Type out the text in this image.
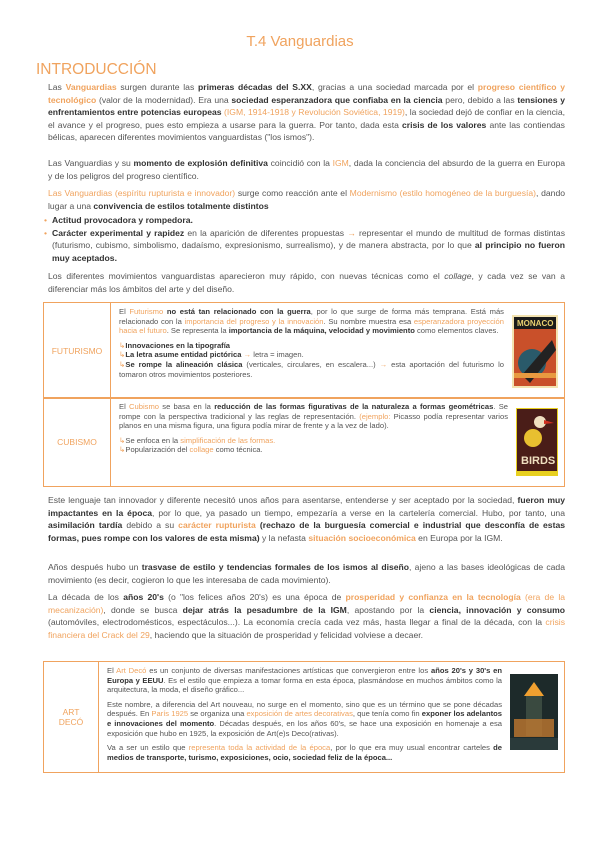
T.4 Vanguardias
INTRODUCCIÓN
Las Vanguardias surgen durante las primeras décadas del S.XX, gracias a una sociedad marcada por el progreso científico y tecnológico (valor de la modernidad). Era una sociedad esperanzadora que confiaba en la ciencia pero, debido a las tensiones y enfrentamientos entre potencias europeas (IGM, 1914-1918 y Revolución Soviética, 1919), la sociedad dejó de confiar en la ciencia, el avance y el progreso, pues esto empieza a usarse para la guerra. Por tanto, dada esta crisis de los valores ante las contiendas bélicas, aparecen diferentes movimientos vanguardistas ("los ismos").
Las Vanguardias y su momento de explosión definitiva coincidió con la IGM, dada la conciencia del absurdo de la guerra en Europa y de los peligros del progreso científico.
Las Vanguardias (espíritu rupturista e innovador) surge como reacción ante el Modernismo (estilo homogéneo de la burguesía), dando lugar a una convivencia de estilos totalmente distintos
• Actitud provocadora y rompedora.
• Carácter experimental y rapidez en la aparición de diferentes propuestas → representar el mundo de multitud de formas distintas (futurismo, cubismo, simbolismo, dadaísmo, expresionismo, surrealismo), y de manera abstracta, por lo que al principio no fueron muy aceptados.
Los diferentes movimientos vanguardistas aparecieron muy rápido, con nuevas técnicas como el collage, y cada vez se van a diferenciar más los ámbitos del arte y del diseño.
FUTURISMO
El Futurismo no está tan relacionado con la guerra, por lo que surge de forma más temprana. Está más relacionado con la importancia del progreso y la innovación. Su nombre muestra esa esperanzadora proyección hacia el futuro. Se representa la importancia de la máquina, velocidad y movimiento como elementos claves.
↳ Innovaciones en la tipografía
↳ La letra asume entidad pictórica → letra = imagen.
↳ Se rompe la alineación clásica (verticales, circulares, en escalera...) → esta aportación del futurismo lo tomaron otros movimientos posteriores.
MONACO
CUBISMO
El Cubismo se basa en la reducción de las formas figurativas de la naturaleza a formas geométricas. Se rompe con la perspectiva tradicional y las reglas de representación. (ejemplo: Picasso podía representar varios planos en una misma figura, una figura podía mirar de frente y a la vez de lado).
↳ Se enfoca en la simplificación de las formas.
↳ Popularización del collage como técnica.
BIRDS
Este lenguaje tan innovador y diferente necesitó unos años para asentarse, entenderse y ser aceptado por la sociedad, fueron muy impactantes en la época, por lo que, ya pasado un tiempo, empezaría a verse en la cartelería comercial. Hubo, por tanto, una asimilación tardía debido a su carácter rupturista (rechazo de la burguesía comercial e industrial que desconfía de estas formas, pues rompe con los valores de esta misma) y la nefasta situación socioeconómica en Europa por la IGM.
Años después hubo un trasvase de estilo y tendencias formales de los ismos al diseño, ajeno a las bases ideológicas de cada movimiento (es decir, cogieron lo que les interesaba de cada movimiento).
La década de los años 20's (o "los felices años 20's) es una época de prosperidad y confianza en la tecnología (era de la mecanización), donde se busca dejar atrás la pesadumbre de la IGM, apostando por la ciencia, innovación y consumo (automóviles, electrodomésticos, espectáculos...). La economía crecía cada vez más, hasta llegar a final de la década, con la crisis financiera del Crack del 29, haciendo que la situación de prosperidad y felicidad volviese a decaer.
ART DECÓ
El Art Decó es un conjunto de diversas manifestaciones artísticas que convergieron entre los años 20's y 30's en Europa y EEUU. Es el estilo que empieza a tomar forma en esta época, plasmándose en muchos ámbitos como la arquitectura, la moda, el diseño gráfico...
Este nombre, a diferencia del Art nouveau, no surge en el momento, sino que es un término que se pone décadas después. En París 1925 se organiza una exposición de artes decorativas, que tenía como fin exponer los adelantos e innovaciones del momento. Décadas después, en los años 60's, se hace una exposición en homenaje a esa exposición que hubo en 1925, la exposición de Art(e)s Deco(rativas).
Va a ser un estilo que representa toda la actividad de la época, por lo que era muy usual encontrar carteles de medios de transporte, turismo, exposiciones, ocio, sociedad feliz de la época...
